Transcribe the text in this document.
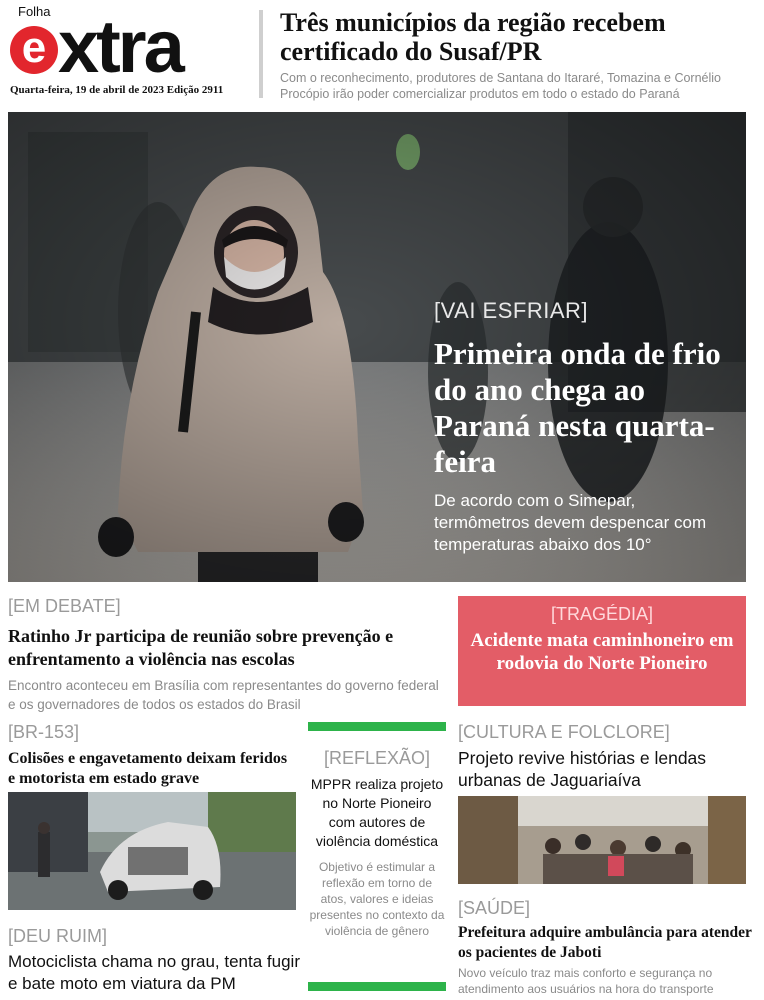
Folha
e xtra
Quarta-feira, 19 de abril de 2023 Edição 2911
Três municípios da região recebem certificado do Susaf/PR
Com o reconhecimento, produtores de Santana do Itararé, Tomazina e Cornélio Procópio irão poder comercializar produtos em todo o estado do Paraná
[VAI ESFRIAR]
Primeira onda de frio do ano chega ao Paraná nesta quarta-feira
De acordo com o Simepar, termômetros devem despencar com temperaturas abaixo dos 10°
[EM DEBATE]
Ratinho Jr participa de reunião sobre prevenção e enfrentamento a violência nas escolas
Encontro aconteceu em Brasília com representantes do governo federal e os governadores de todos os estados do Brasil
[TRAGÉDIA]
Acidente mata caminhoneiro em rodovia do Norte Pioneiro
[BR-153]
Colisões e engavetamento deixam feridos e motorista em estado grave
[DEU RUIM]
Motociclista chama no grau, tenta fugir e bate moto em viatura da PM
[REFLEXÃO]
MPPR realiza projeto no Norte Pioneiro com autores de violência doméstica
Objetivo é estimular a reflexão em torno de atos, valores e ideias presentes no contexto da violência de gênero
[CULTURA E FOLCLORE]
Projeto revive histórias e lendas urbanas de Jaguariaíva
[SAÚDE]
Prefeitura adquire ambulância para atender os pacientes de Jaboti
Novo veículo traz mais conforto e segurança no atendimento aos usuários na hora do transporte
